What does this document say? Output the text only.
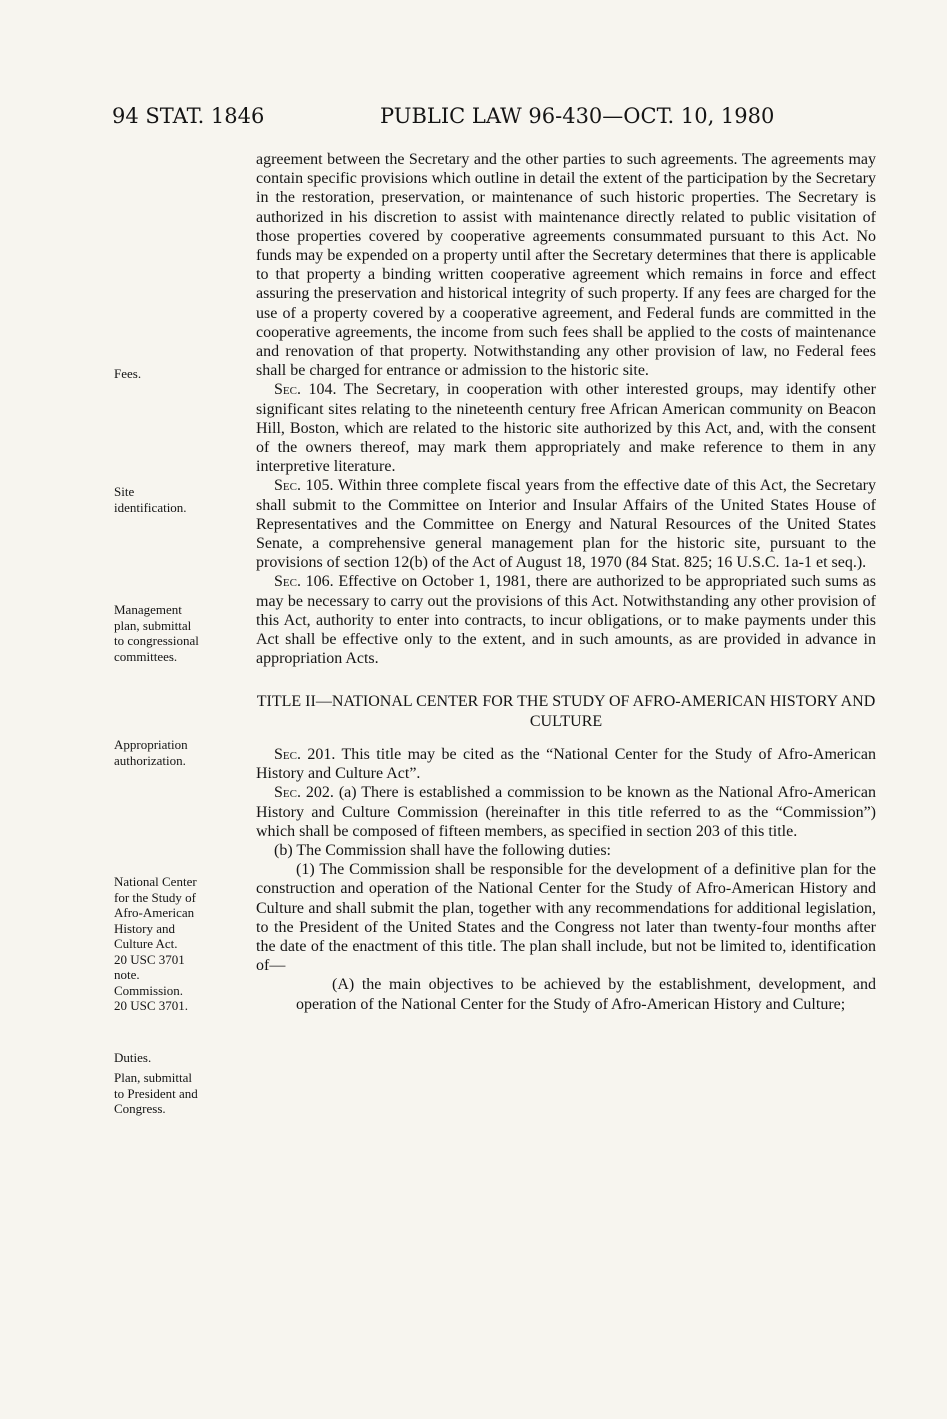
94 STAT. 1846	PUBLIC LAW 96-430—OCT. 10, 1980

agreement between the Secretary and the other parties to such agreements. The agreements may contain specific provisions which outline in detail the extent of the participation by the Secretary in the restoration, preservation, or maintenance of such historic properties. The Secretary is authorized in his discretion to assist with maintenance directly related to public visitation of those properties covered by cooperative agreements consummated pursuant to this Act. No funds may be expended on a property until after the Secretary determines that there is applicable to that property a binding written cooperative agreement which remains in force and effect assuring the preservation and historical integrity of such property. If any fees are charged for the use of a property covered by a cooperative agreement, and Federal funds are committed in the cooperative agreements, the income from such fees shall be applied to the costs of maintenance and renovation of that property. Notwithstanding any other provision of law, no Federal fees shall be charged for entrance or admission to the historic site.

Sec. 104. The Secretary, in cooperation with other interested groups, may identify other significant sites relating to the nineteenth century free African American community on Beacon Hill, Boston, which are related to the historic site authorized by this Act, and, with the consent of the owners thereof, may mark them appropriately and make reference to them in any interpretive literature.

Sec. 105. Within three complete fiscal years from the effective date of this Act, the Secretary shall submit to the Committee on Interior and Insular Affairs of the United States House of Representatives and the Committee on Energy and Natural Resources of the United States Senate, a comprehensive general management plan for the historic site, pursuant to the provisions of section 12(b) of the Act of August 18, 1970 (84 Stat. 825; 16 U.S.C. 1a-1 et seq.).

Sec. 106. Effective on October 1, 1981, there are authorized to be appropriated such sums as may be necessary to carry out the provisions of this Act. Notwithstanding any other provision of this Act, authority to enter into contracts, to incur obligations, or to make payments under this Act shall be effective only to the extent, and in such amounts, as are provided in advance in appropriation Acts.

TITLE II—NATIONAL CENTER FOR THE STUDY OF AFRO-AMERICAN HISTORY AND CULTURE

Sec. 201. This title may be cited as the “National Center for the Study of Afro-American History and Culture Act”.

Sec. 202. (a) There is established a commission to be known as the National Afro-American History and Culture Commission (hereinafter in this title referred to as the “Commission”) which shall be composed of fifteen members, as specified in section 203 of this title.

(b) The Commission shall have the following duties:

(1) The Commission shall be responsible for the development of a definitive plan for the construction and operation of the National Center for the Study of Afro-American History and Culture and shall submit the plan, together with any recommendations for additional legislation, to the President of the United States and the Congress not later than twenty-four months after the date of the enactment of this title. The plan shall include, but not be limited to, identification of—

(A) the main objectives to be achieved by the establishment, development, and operation of the National Center for the Study of Afro-American History and Culture;

Fees.
Site
identification.
Management
plan, submittal
to congressional
committees.
Appropriation
authorization.
National Center
for the Study of
Afro-American
History and
Culture Act.
20 USC 3701
note.
Commission.
20 USC 3701.
Duties.
Plan, submittal
to President and
Congress.
